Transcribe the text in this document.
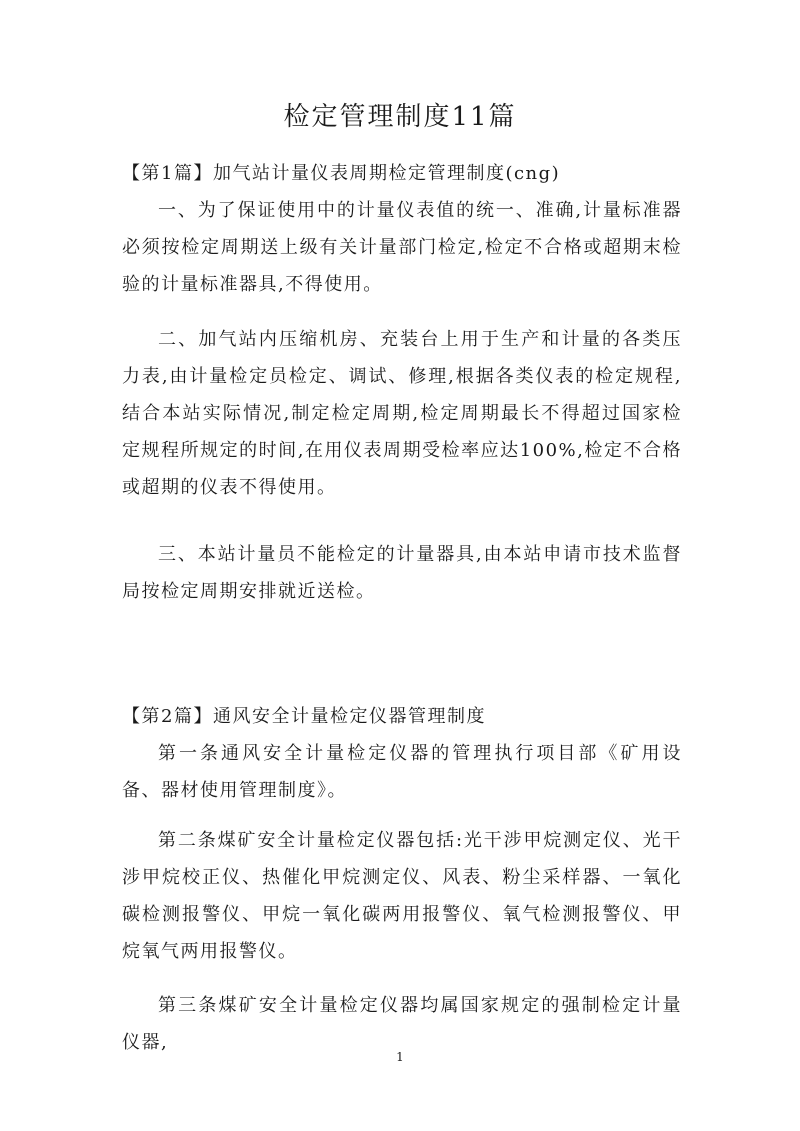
检定管理制度11篇
【第1篇】加气站计量仪表周期检定管理制度(cng)
一、为了保证使用中的计量仪表值的统一、准确,计量标准器必须按检定周期送上级有关计量部门检定,检定不合格或超期末检验的计量标准器具,不得使用。
二、加气站内压缩机房、充装台上用于生产和计量的各类压力表,由计量检定员检定、调试、修理,根据各类仪表的检定规程,结合本站实际情况,制定检定周期,检定周期最长不得超过国家检定规程所规定的时间,在用仪表周期受检率应达100%,检定不合格或超期的仪表不得使用。
三、本站计量员不能检定的计量器具,由本站申请市技术监督局按检定周期安排就近送检。
【第2篇】通风安全计量检定仪器管理制度
第一条通风安全计量检定仪器的管理执行项目部《矿用设备、器材使用管理制度》。
第二条煤矿安全计量检定仪器包括:光干涉甲烷测定仪、光干涉甲烷校正仪、热催化甲烷测定仪、风表、粉尘采样器、一氧化碳检测报警仪、甲烷一氧化碳两用报警仪、氧气检测报警仪、甲烷氧气两用报警仪。
第三条煤矿安全计量检定仪器均属国家规定的强制检定计量仪器,
1
